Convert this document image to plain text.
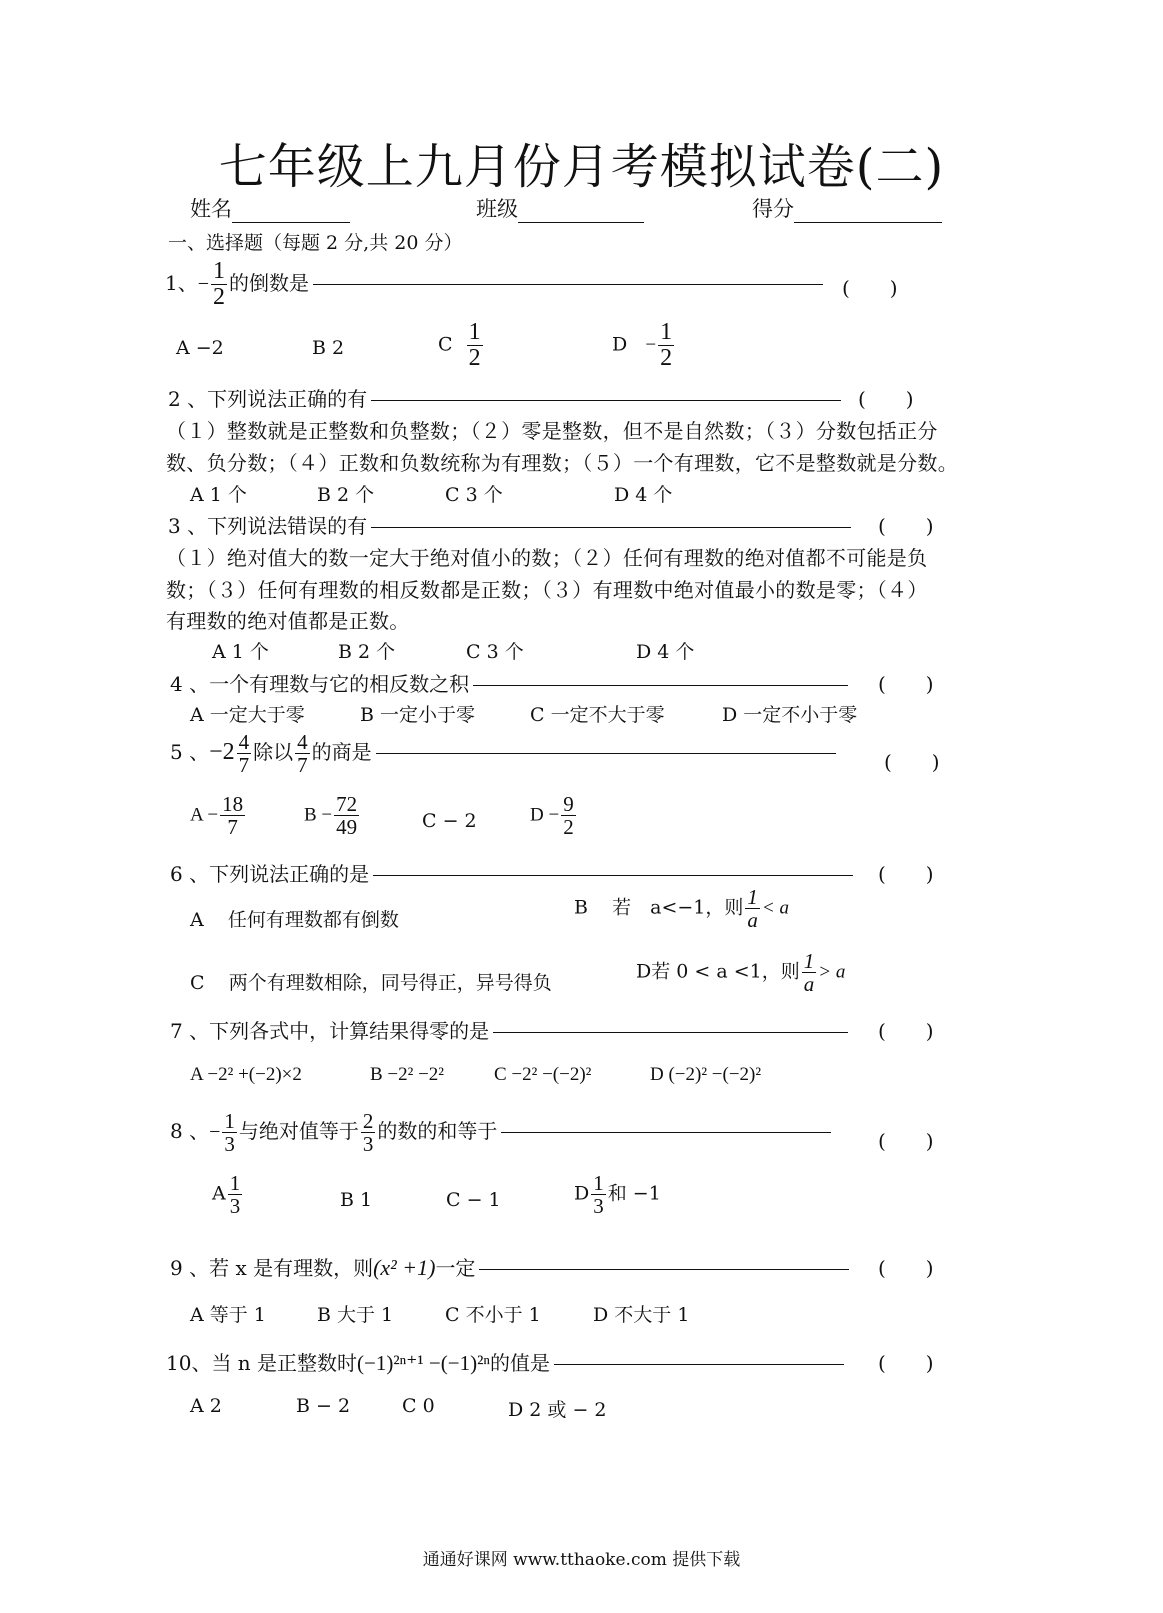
七年级上九月份月考模拟试卷(二)
姓名	班级	得分
一、选择题（每题 2 分,共 20 分）
1、− $\frac{1}{2}$ 的倒数是	(　　)
A −2	B 2	C $\frac{1}{2}$	$D - \frac{1}{2}$
2 、下列说法正确的有	(　　)
（１）整数就是正整数和负整数；（２）零是整数，但不是自然数；（３）分数包括正分
数、负分数；（４）正数和负数统称为有理数；（５）一个有理数，它不是整数就是分数。
A 1 个	B 2 个	C 3 个	D 4 个
3 、下列说法错误的有	(　　)
（１）绝对值大的数一定大于绝对值小的数；（２）任何有理数的绝对值都不可能是负
数；（３）任何有理数的相反数都是正数；（３）有理数中绝对值最小的数是零；（４）
有理数的绝对值都是正数。
A 1 个	B 2 个	C 3 个	D 4 个
4 、一个有理数与它的相反数之积	(　　)
A 一定大于零	B 一定小于零	C 一定不大于零	D 一定不小于零
5 、$-2 \frac{4}{7}$ 除以 $\frac{4}{7}$ 的商是	(　　)
$A - \frac{18}{7}$	$B - \frac{72}{49}$	C − 2	$D - \frac{9}{2}$
6 、下列说法正确的是	(　　)
A 任何有理数都有倒数
B 若　a<−1，则 $\frac{1}{a} < a$
C 两个有理数相除，同号得正，异号得负
D若 0 < a <1，则 $\frac{1}{a} > a$
7 、下列各式中，计算结果得零的是	(　　)
A −2² +(−2)×2	B −2² −2²	C −2² −(−2)²	D (−2)² −(−2)²
8 、− $\frac{1}{3}$ 与绝对值等于 $\frac{2}{3}$ 的数的和等于	(　　)
A $\frac{1}{3}$	B 1	C − 1	D $\frac{1}{3}$ 和 −1
9 、若 x 是有理数，则(x² +1)一定	(　　)
A 等于 1	B 大于 1	C 不小于 1	D 不大于 1
10、当 n 是正整数时(−1)²ⁿ⁺¹ −(−1)²ⁿ的值是	(　　)
A 2	B − 2	C 0	D 2 或 − 2
通通好课网 www.tthaoke.com 提供下载
